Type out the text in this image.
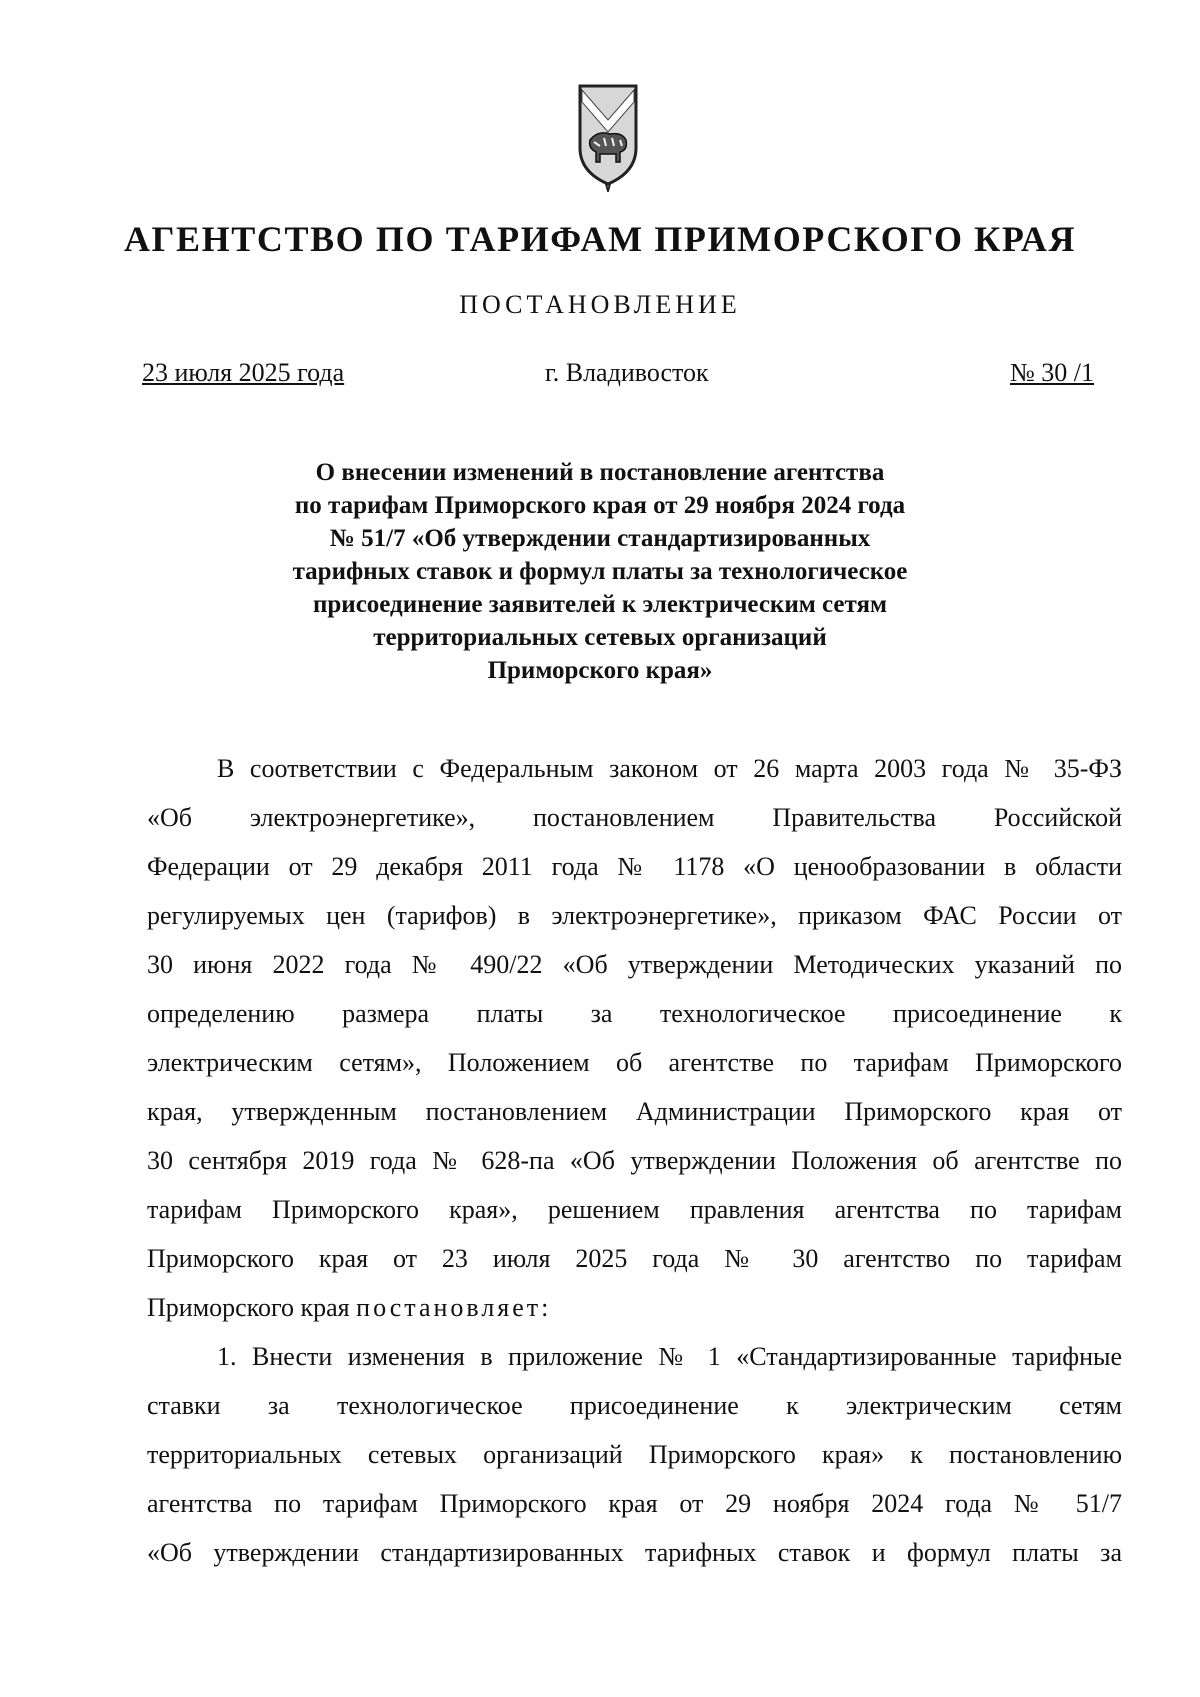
АГЕНТСТВО ПО ТАРИФАМ ПРИМОРСКОГО КРАЯ
ПОСТАНОВЛЕНИЕ
23 июля 2025 года	г. Владивосток	№ 30 /1
О внесении изменений в постановление агентства
по тарифам Приморского края от 29 ноября 2024 года
№ 51/7 «Об утверждении стандартизированных
тарифных ставок и формул платы за технологическое
присоединение заявителей к электрическим сетям
территориальных сетевых организаций
Приморского края»
В соответствии с Федеральным законом от 26 марта 2003 года № 35-ФЗ
«Об электроэнергетике», постановлением Правительства Российской
Федерации от 29 декабря 2011 года № 1178 «О ценообразовании в области
регулируемых цен (тарифов) в электроэнергетике», приказом ФАС России от
30 июня 2022 года № 490/22 «Об утверждении Методических указаний по
определению размера платы за технологическое присоединение к
электрическим сетям», Положением об агентстве по тарифам Приморского
края, утвержденным постановлением Администрации Приморского края от
30 сентября 2019 года № 628-па «Об утверждении Положения об агентстве по
тарифам Приморского края», решением правления агентства по тарифам
Приморского края от 23 июля 2025 года № 30 агентство по тарифам
Приморского края постановляет:
1. Внести изменения в приложение № 1 «Стандартизированные тарифные
ставки за технологическое присоединение к электрическим сетям
территориальных сетевых организаций Приморского края» к постановлению
агентства по тарифам Приморского края от 29 ноября 2024 года № 51/7
«Об утверждении стандартизированных тарифных ставок и формул платы за
